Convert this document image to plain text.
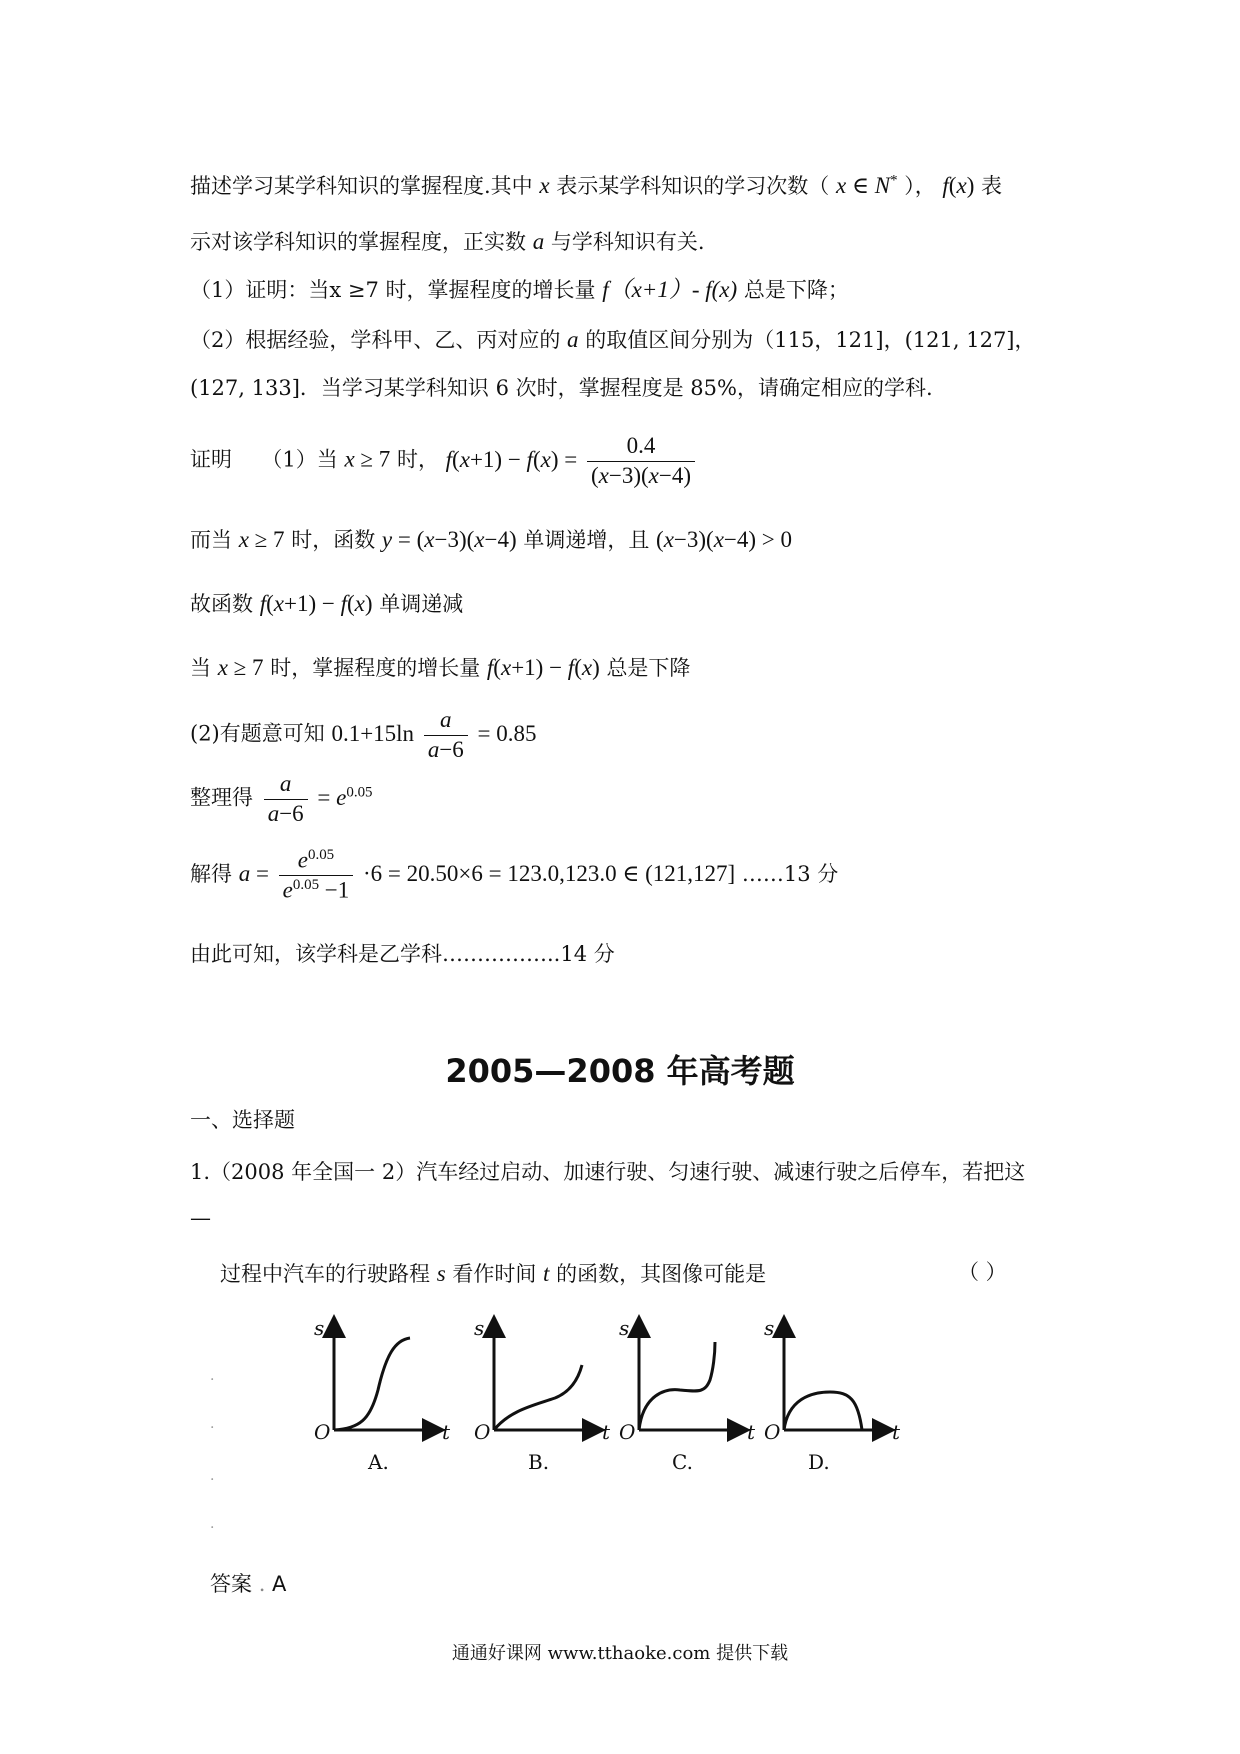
描述学习某学科知识的掌握程度.其中 x 表示某学科知识的学习次数（ x ∈ N* ）， f(x) 表
示对该学科知识的掌握程度，正实数 a 与学科知识有关.
（1）证明：当x ≥7 时，掌握程度的增长量 f（x+1）- f(x) 总是下降；
（2）根据经验，学科甲、乙、丙对应的 a 的取值区间分别为（115，121]，(121, 127]，
(127, 133]．当学习某学科知识 6 次时，掌握程度是 85%，请确定相应的学科.
证明 （1）当 x ≥ 7 时， $f(x+1) - f(x) = \frac{0.4}{(x-3)(x-4)}$
而当 x ≥ 7 时，函数 y = (x−3)(x−4) 单调递增，且 (x−3)(x−4) > 0
故函数 f(x+1) − f(x) 单调递减
当 x ≥ 7 时，掌握程度的增长量 f(x+1) − f(x) 总是下降
(2)有题意可知 $0.1+15\ln \frac{a}{a-6} = 0.85$
整理得 $\frac{a}{a-6} = e^{0.05}$
解得 $a = \frac{e^{0.05}}{e^{0.05} -1} \cdot 6 = 20.50\times 6 = 123.0,123.0$ ∈ (121,127] ……13 分
由此可知，该学科是乙学科……………..14 分
2005—2008 年高考题
一、选择题
1.（2008 年全国一 2）汽车经过启动、加速行驶、匀速行驶、减速行驶之后停车，若把这
—
过程中汽车的行驶路程 s 看作时间 t 的函数，其图像可能是	（ ）
s
O	t
s
O	t
s
O	t
s
O	t
A.	B.	C.	D.
·
·
·
·
答案 . A
通通好课网 www.tthaoke.com 提供下载
